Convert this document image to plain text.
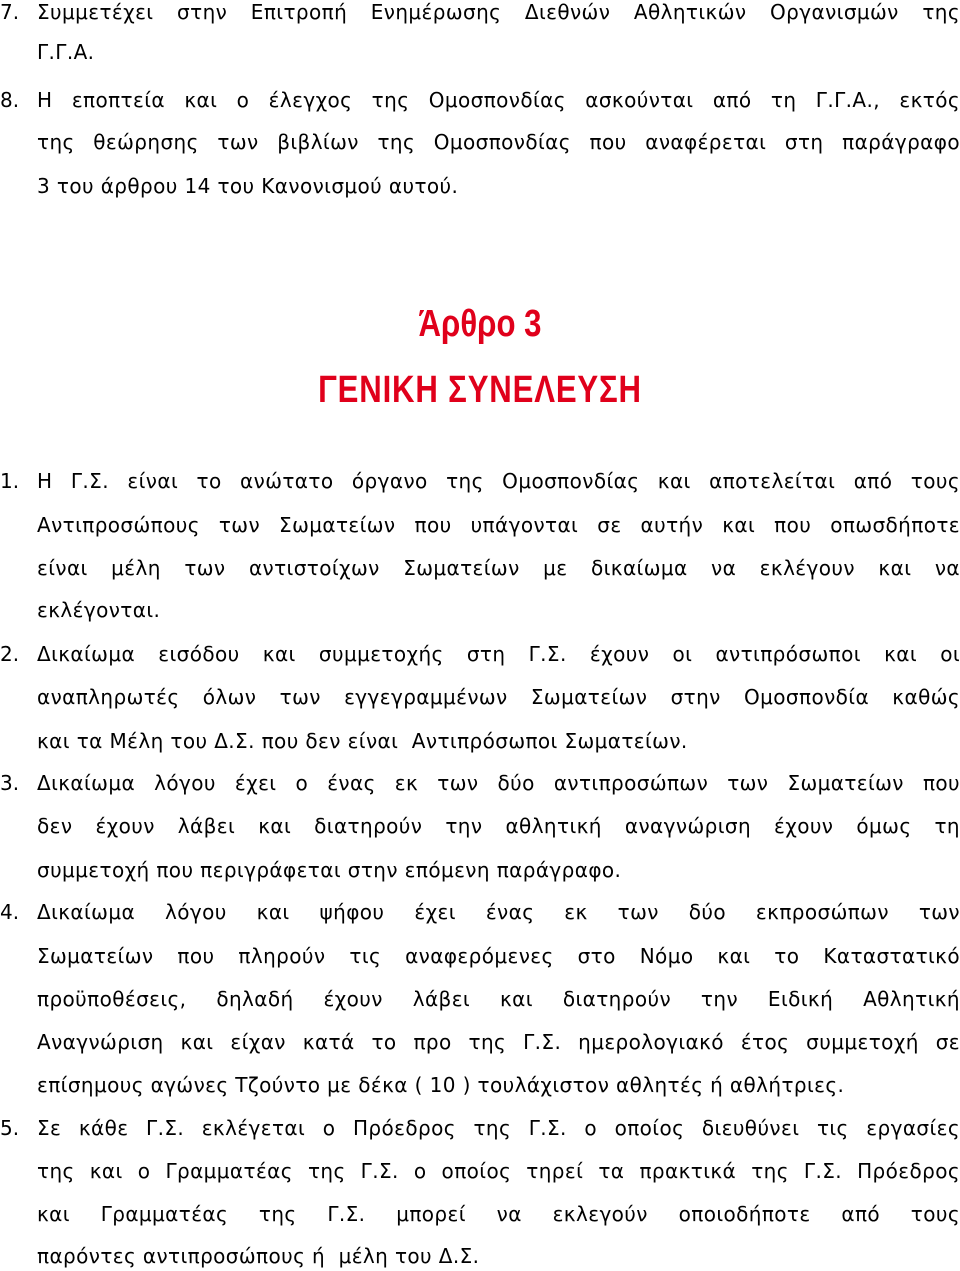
7. Συμμετέχει στην Επιτροπή Ενημέρωσης Διεθνών Αθλητικών Οργανισμών της
Γ.Γ.Α.
8. Η εποπτεία και ο έλεγχος της Ομοσπονδίας ασκούνται από τη Γ.Γ.Α., εκτός
της θεώρησης των βιβλίων της Ομοσπονδίας που αναφέρεται στη παράγραφο
3 του άρθρου 14 του Κανονισμού αυτού.
Άρθρο 3
ΓΕΝΙΚΗ ΣΥΝΕΛΕΥΣΗ
1. Η Γ.Σ. είναι το ανώτατο όργανο της Ομοσπονδίας και αποτελείται από τους
Αντιπροσώπους των Σωματείων που υπάγονται σε αυτήν και που οπωσδήποτε
είναι μέλη των αντιστοίχων Σωματείων με δικαίωμα να εκλέγουν και να
εκλέγονται.
2. Δικαίωμα εισόδου και συμμετοχής στη Γ.Σ. έχουν οι αντιπρόσωποι και οι
αναπληρωτές όλων των εγγεγραμμένων Σωματείων στην Ομοσπονδία καθώς
και τα Μέλη του Δ.Σ. που δεν είναι  Αντιπρόσωποι Σωματείων.
3. Δικαίωμα λόγου έχει ο ένας εκ των δύο αντιπροσώπων των Σωματείων που
δεν έχουν λάβει και διατηρούν την αθλητική αναγνώριση έχουν όμως τη
συμμετοχή που περιγράφεται στην επόμενη παράγραφο.
4. Δικαίωμα λόγου και ψήφου έχει ένας εκ των δύο εκπροσώπων των
Σωματείων που πληρούν τις αναφερόμενες στο Νόμο και το Καταστατικό
προϋποθέσεις, δηλαδή έχουν λάβει και διατηρούν την Ειδική Αθλητική
Αναγνώριση και είχαν κατά το προ της Γ.Σ. ημερολογιακό έτος συμμετοχή σε
επίσημους αγώνες Τζούντο με δέκα ( 10 ) τουλάχιστον αθλητές ή αθλήτριες.
5. Σε κάθε Γ.Σ. εκλέγεται ο Πρόεδρος της Γ.Σ. ο οποίος διευθύνει τις εργασίες
της και ο Γραμματέας της Γ.Σ. ο οποίος τηρεί τα πρακτικά της Γ.Σ. Πρόεδρος
και Γραμματέας της Γ.Σ. μπορεί να εκλεγούν οποιοδήποτε από τους
παρόντες αντιπροσώπους ή  μέλη του Δ.Σ.
